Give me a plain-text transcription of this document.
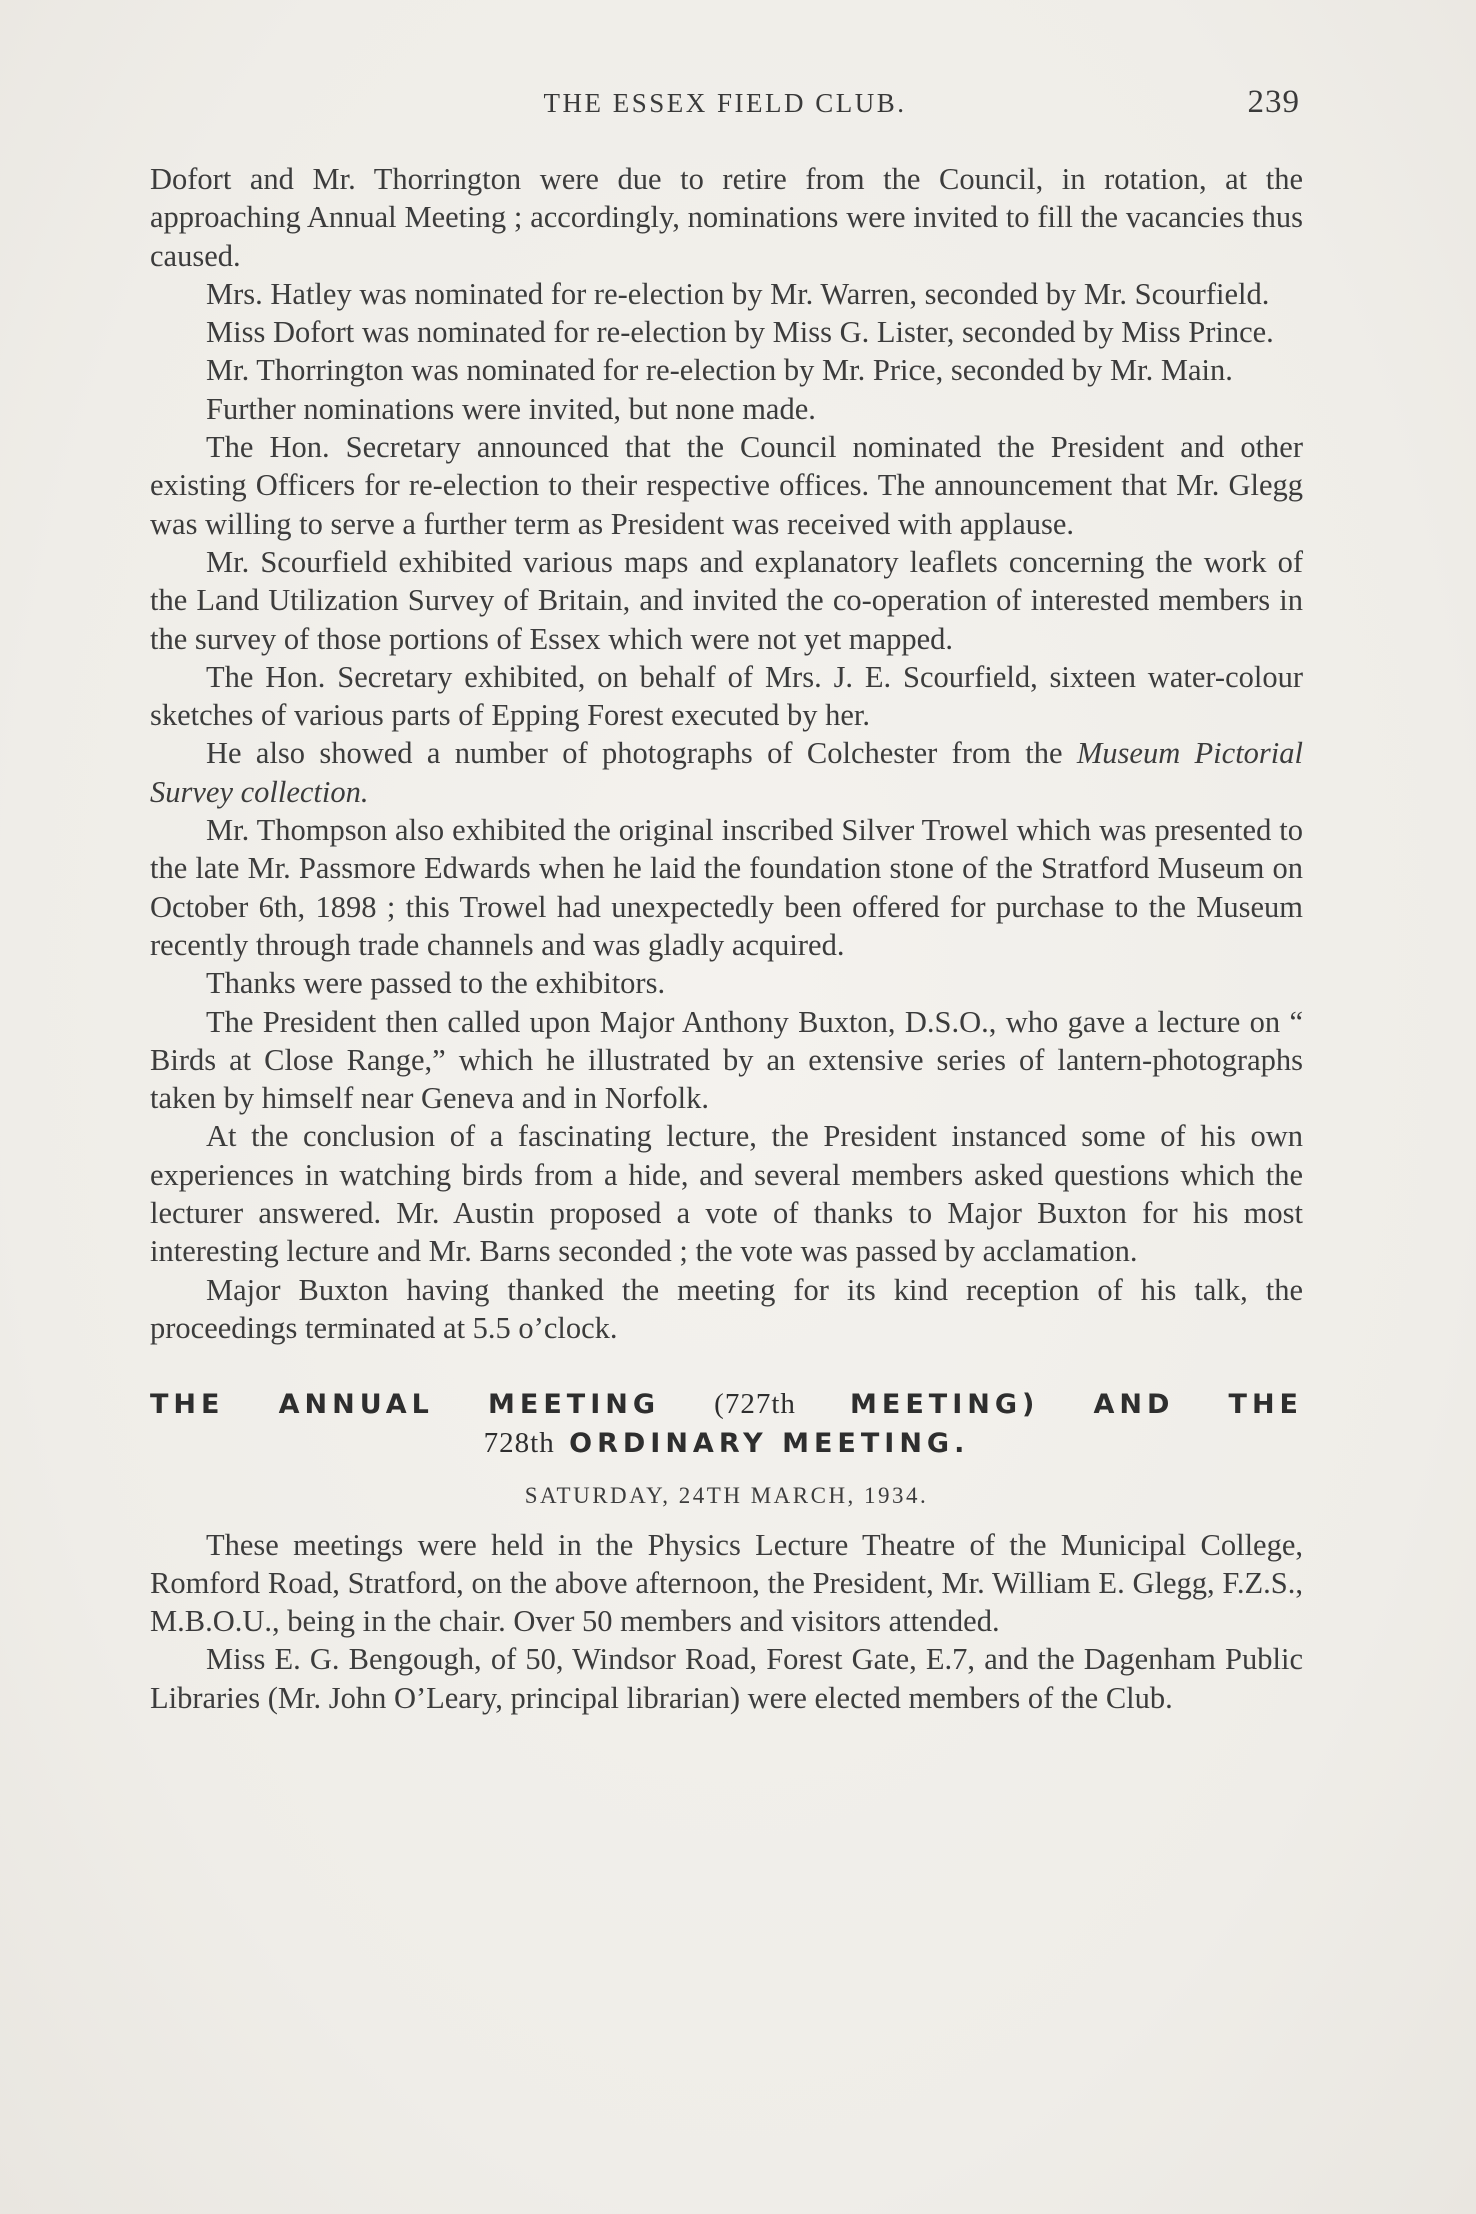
THE ESSEX FIELD CLUB.	239

Dofort and Mr. Thorrington were due to retire from the Council, in rotation, at the approaching Annual Meeting ; accordingly, nominations were invited to fill the vacancies thus caused.

Mrs. Hatley was nominated for re-election by Mr. Warren, seconded by Mr. Scourfield.

Miss Dofort was nominated for re-election by Miss G. Lister, seconded by Miss Prince.

Mr. Thorrington was nominated for re-election by Mr. Price, seconded by Mr. Main.

Further nominations were invited, but none made.

The Hon. Secretary announced that the Council nominated the President and other existing Officers for re-election to their respective offices. The announcement that Mr. Glegg was willing to serve a further term as President was received with applause.

Mr. Scourfield exhibited various maps and explanatory leaflets concerning the work of the Land Utilization Survey of Britain, and invited the co-operation of interested members in the survey of those portions of Essex which were not yet mapped.

The Hon. Secretary exhibited, on behalf of Mrs. J. E. Scourfield, sixteen water-colour sketches of various parts of Epping Forest executed by her.

He also showed a number of photographs of Colchester from the Museum Pictorial Survey collection.

Mr. Thompson also exhibited the original inscribed Silver Trowel which was presented to the late Mr. Passmore Edwards when he laid the foundation stone of the Stratford Museum on October 6th, 1898 ; this Trowel had unexpectedly been offered for purchase to the Museum recently through trade channels and was gladly acquired.

Thanks were passed to the exhibitors.

The President then called upon Major Anthony Buxton, D.S.O., who gave a lecture on “ Birds at Close Range,” which he illustrated by an extensive series of lantern-photographs taken by himself near Geneva and in Norfolk.

At the conclusion of a fascinating lecture, the President instanced some of his own experiences in watching birds from a hide, and several members asked questions which the lecturer answered. Mr. Austin proposed a vote of thanks to Major Buxton for his most interesting lecture and Mr. Barns seconded ; the vote was passed by acclamation.

Major Buxton having thanked the meeting for its kind reception of his talk, the proceedings terminated at 5.5 o’clock.

THE ANNUAL MEETING (727th MEETING) AND THE
728th ORDINARY MEETING.

SATURDAY, 24TH MARCH, 1934.

These meetings were held in the Physics Lecture Theatre of the Municipal College, Romford Road, Stratford, on the above afternoon, the President, Mr. William E. Glegg, F.Z.S., M.B.O.U., being in the chair. Over 50 members and visitors attended.

Miss E. G. Bengough, of 50, Windsor Road, Forest Gate, E.7, and the Dagenham Public Libraries (Mr. John O’Leary, principal librarian) were elected members of the Club.
